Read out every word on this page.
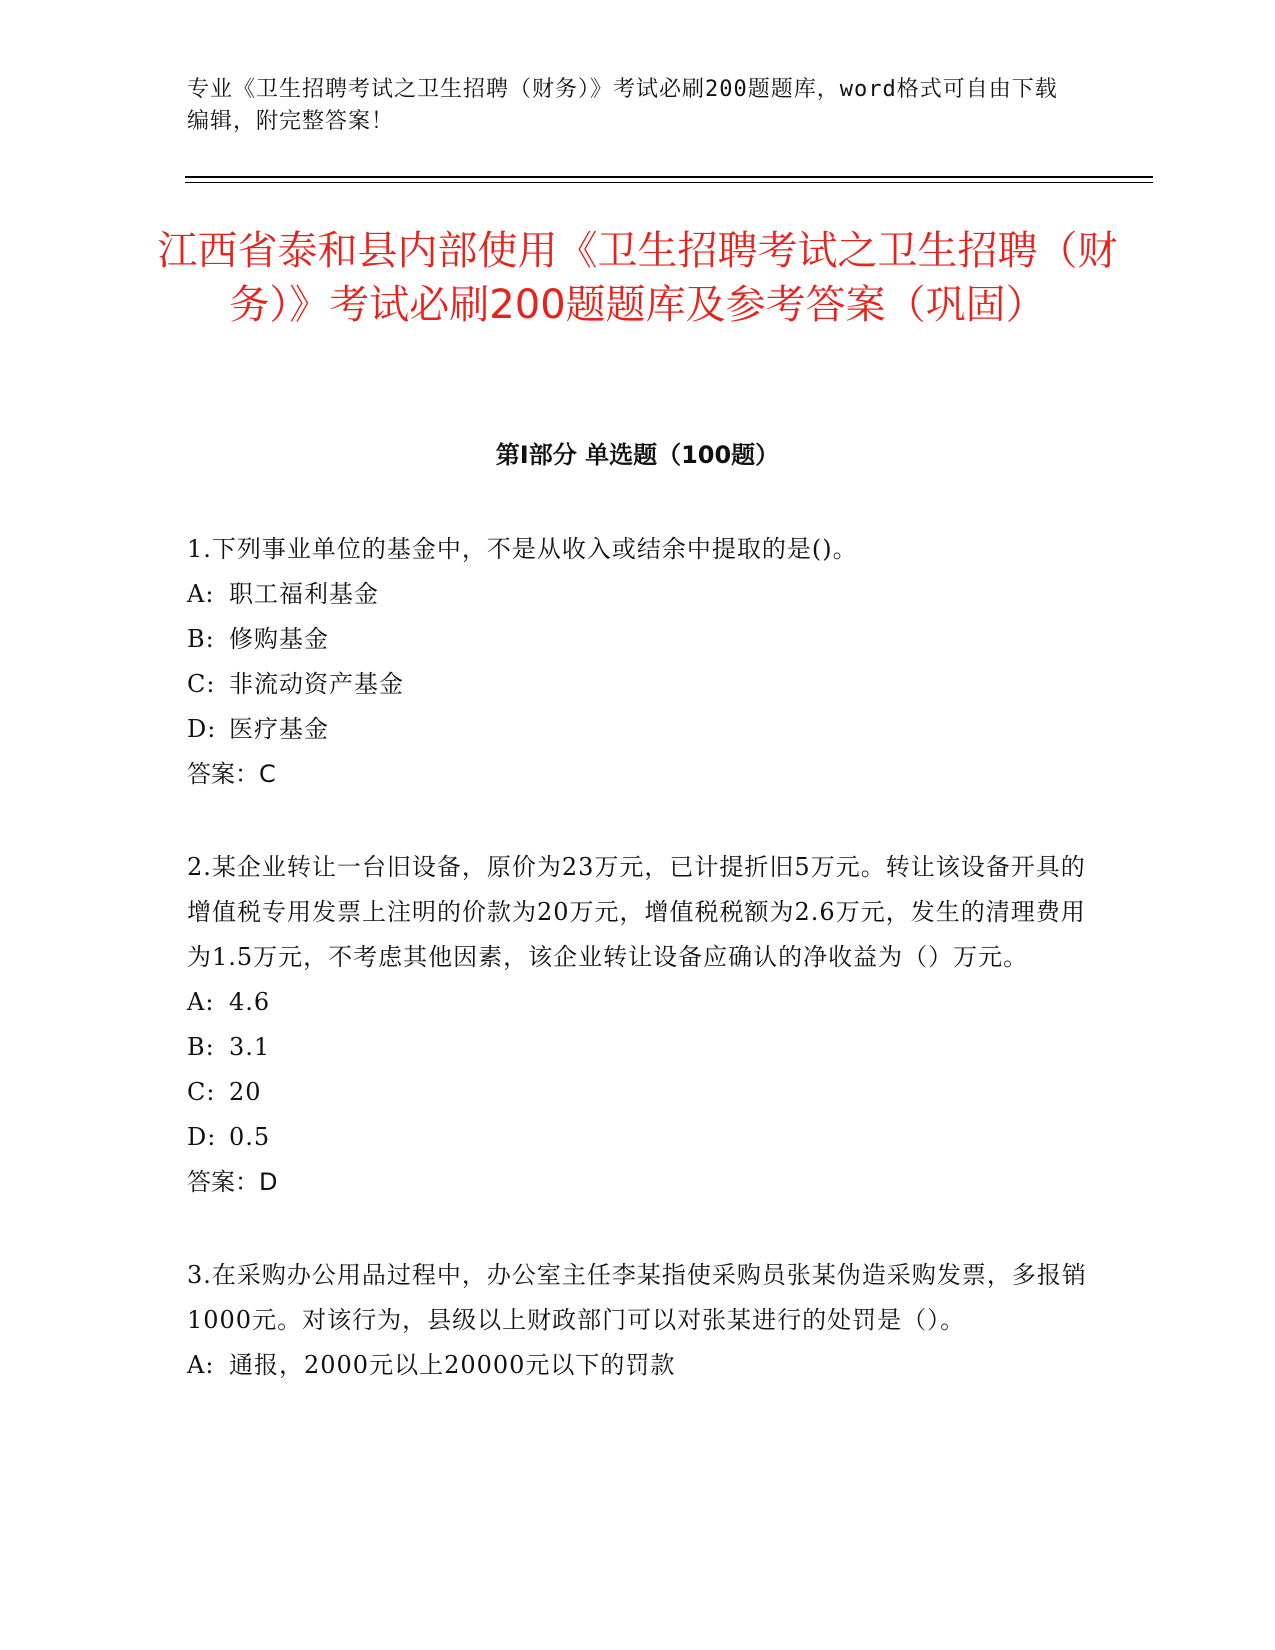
专业《卫生招聘考试之卫生招聘（财务）》考试必刷200题题库，word格式可自由下载编辑，附完整答案！
江西省泰和县内部使用《卫生招聘考试之卫生招聘（财务）》考试必刷200题题库及参考答案（巩固）
第Ⅰ部分 单选题（100题）

1.下列事业单位的基金中，不是从收入或结余中提取的是()。

A: 职工福利基金

B: 修购基金

C: 非流动资产基金

D: 医疗基金

答案：C

2.某企业转让一台旧设备，原价为23万元，已计提折旧5万元。转让该设备开具的增值税专用发票上注明的价款为20万元，增值税税额为2.6万元，发生的清理费用为1.5万元，不考虑其他因素，该企业转让设备应确认的净收益为（）万元。

A: 4.6

B: 3.1

C: 20

D: 0.5

答案：D

3.在采购办公用品过程中，办公室主任李某指使采购员张某伪造采购发票，多报销1000元。对该行为，县级以上财政部门可以对张某进行的处罚是（）。

A: 通报，2000元以上20000元以下的罚款
